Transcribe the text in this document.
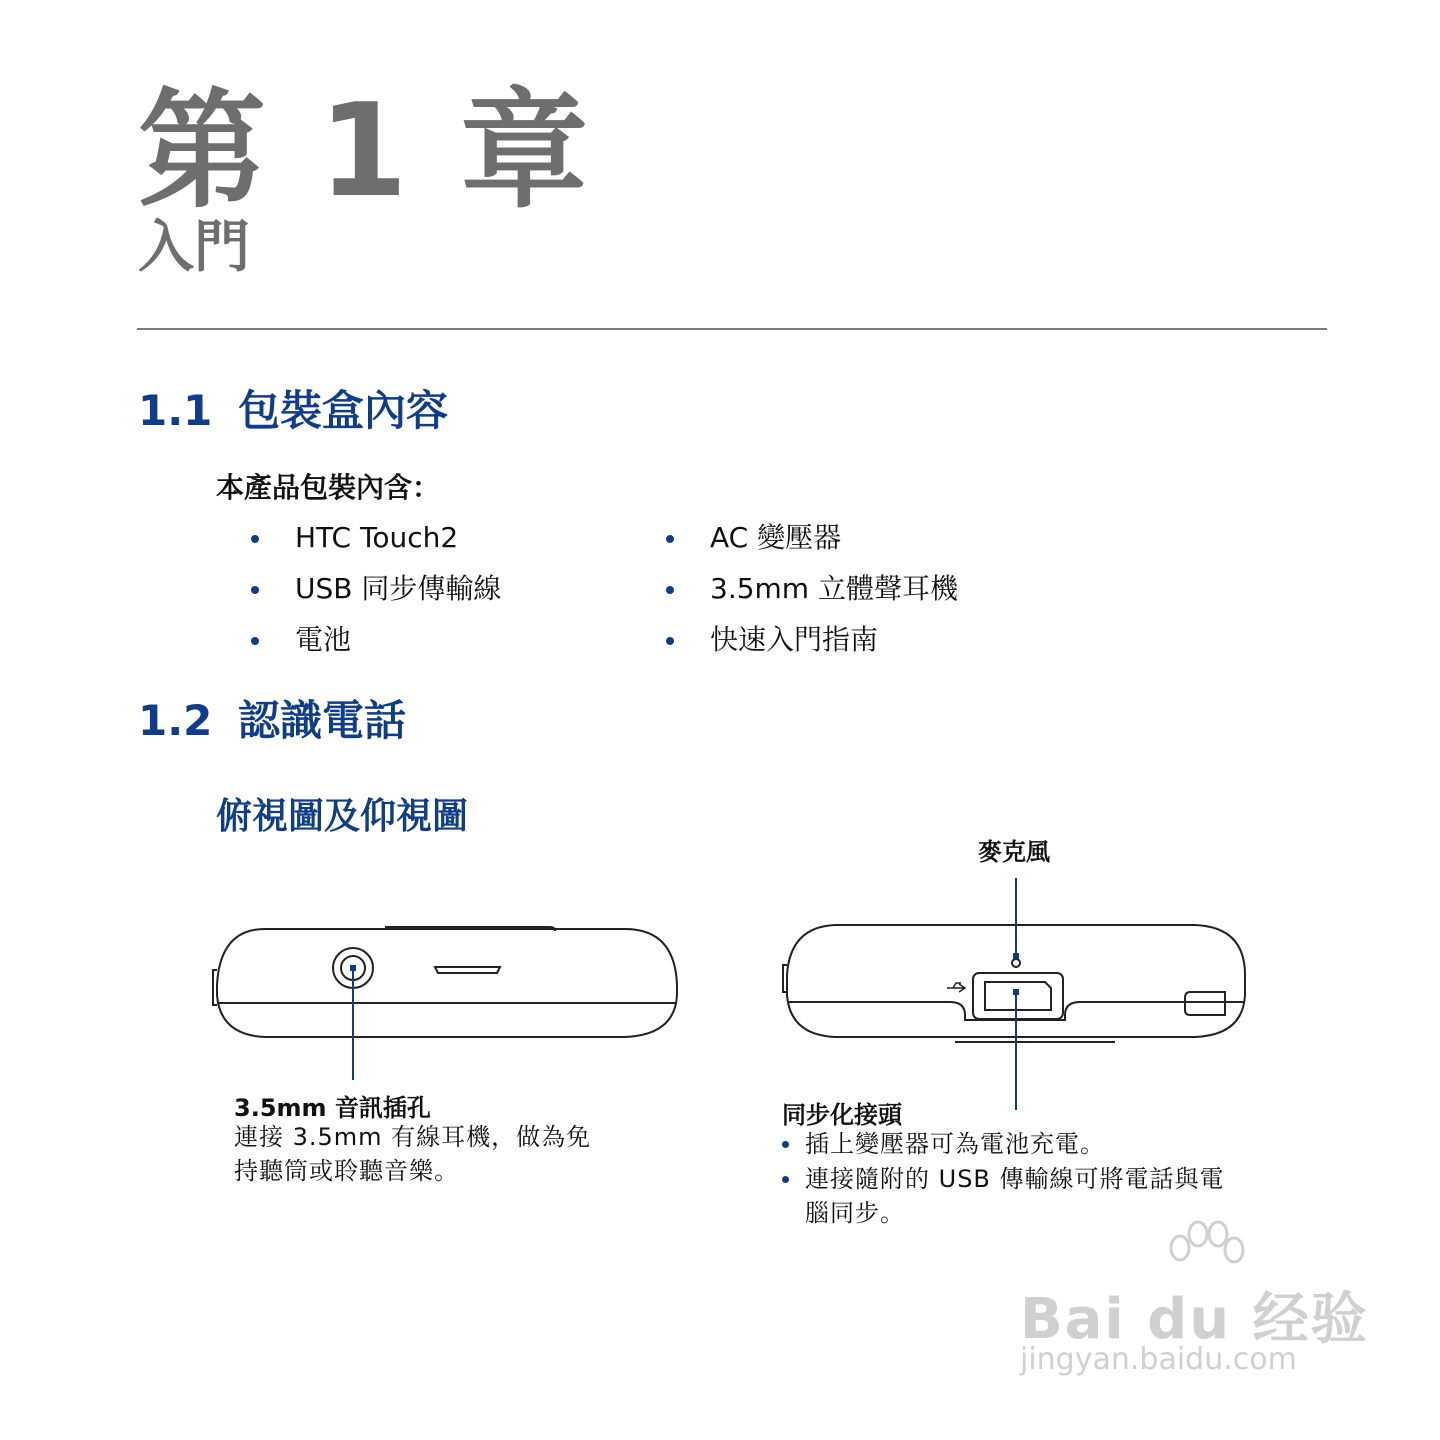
第 1 章
入門
1.1 包裝盒內容
本產品包裝內含：
HTC Touch2
USB 同步傳輸線
電池
AC 變壓器
3.5mm 立體聲耳機
快速入門指南
1.2 認識電話
俯視圖及仰視圖
3.5mm 音訊插孔
連接 3.5mm 有線耳機，做為免
持聽筒或聆聽音樂。
麥克風
同步化接頭
插上變壓器可為電池充電。
連接隨附的 USB 傳輸線可將電話與電
腦同步。
Bai du 经验
jingyan.baidu.com
